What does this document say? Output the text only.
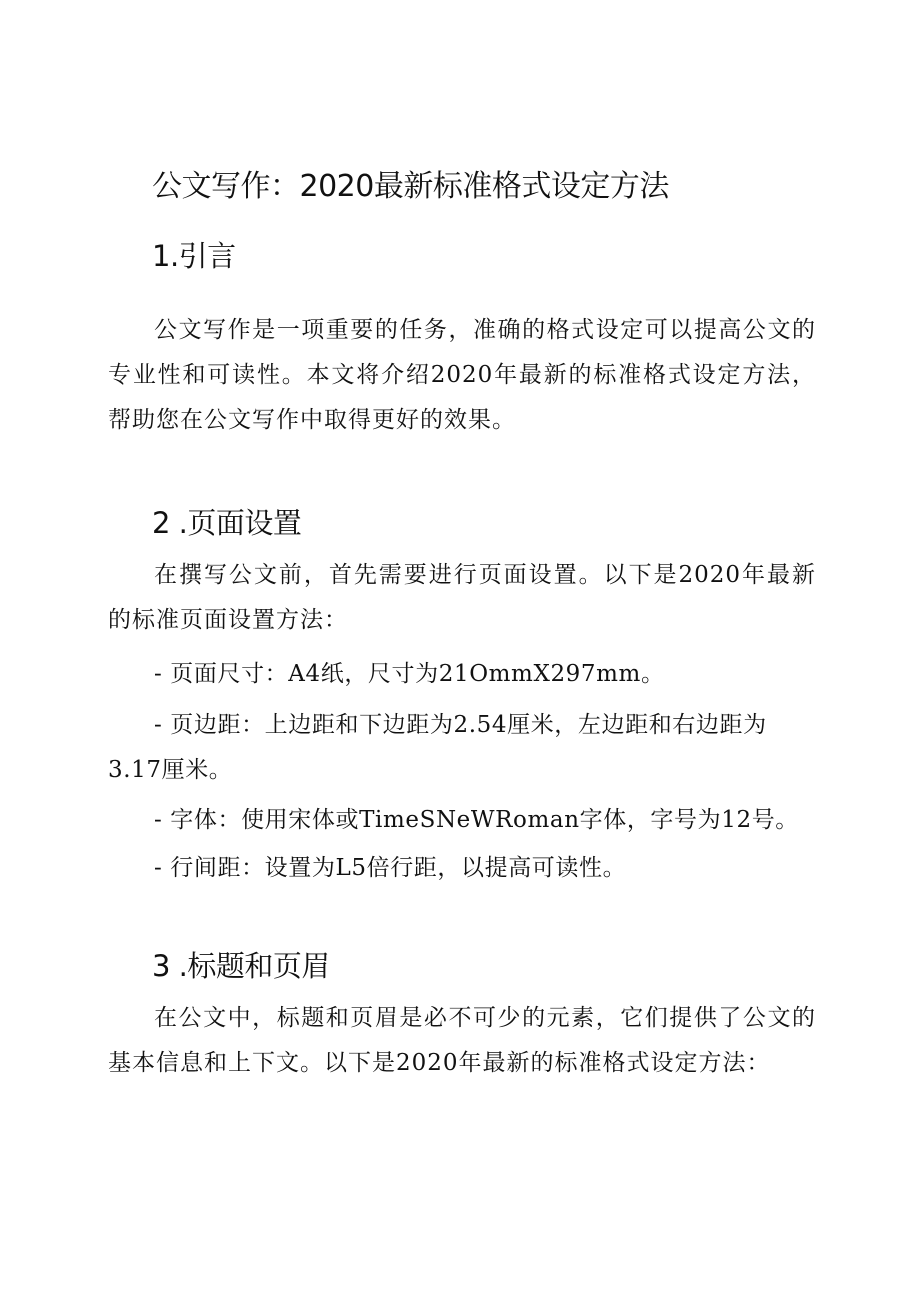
公文写作：2020最新标准格式设定方法
1.引言
公文写作是一项重要的任务，准确的格式设定可以提高公文的专业性和可读性。本文将介绍2020年最新的标准格式设定方法，帮助您在公文写作中取得更好的效果。
2 .页面设置
在撰写公文前，首先需要进行页面设置。以下是2020年最新的标准页面设置方法：
- 页面尺寸：A4纸，尺寸为21OmmX297mm。
- 页边距：上边距和下边距为2.54厘米，左边距和右边距为3.17厘米。
- 字体：使用宋体或TimeSNeWRoman字体，字号为12号。
- 行间距：设置为L5倍行距，以提高可读性。
3 .标题和页眉
在公文中，标题和页眉是必不可少的元素，它们提供了公文的基本信息和上下文。以下是2020年最新的标准格式设定方法：
